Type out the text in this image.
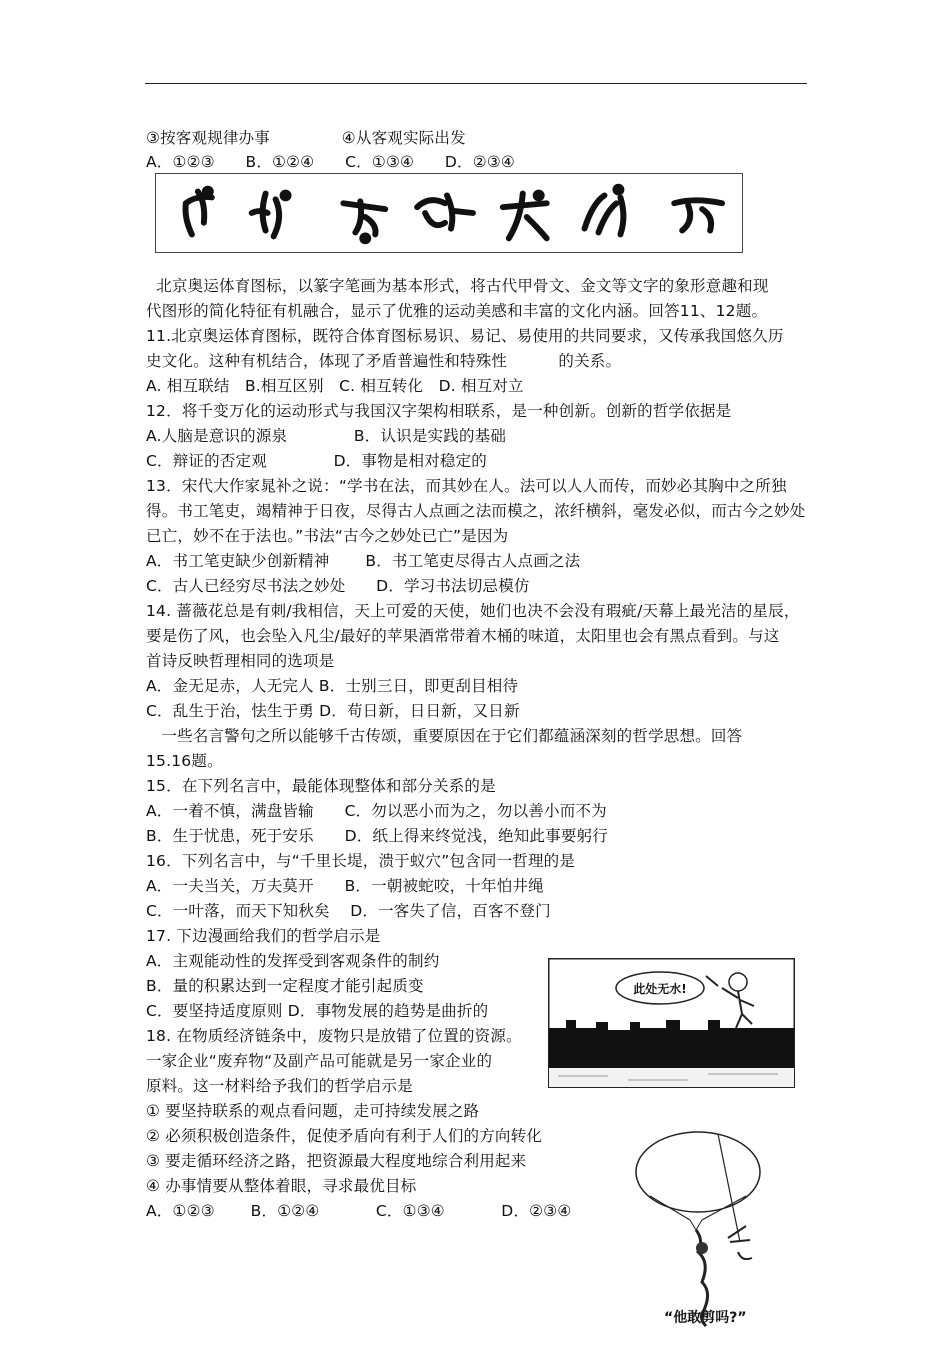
③按客观规律办事              ④从客观实际出发
A．①②③      B．①②④      C．①③④      D．②③④
北京奥运体育图标，以篆字笔画为基本形式，将古代甲骨文、金文等文字的象形意趣和现
代图形的简化特征有机融合，显示了优雅的运动美感和丰富的文化内涵。回答11、12题。
11.北京奥运体育图标，既符合体育图标易识、易记、易使用的共同要求，又传承我国悠久历
史文化。这种有机结合，体现了矛盾普遍性和特殊性          的关系。
A. 相互联结   B.相互区别   C. 相互转化   D. 相互对立
12．将千变万化的运动形式与我国汉字架构相联系，是一种创新。创新的哲学依据是
A.人脑是意识的源泉             B．认识是实践的基础
C．辩证的否定观             D．事物是相对稳定的
13．宋代大作家晁补之说：“学书在法，而其妙在人。法可以人人而传，而妙必其胸中之所独
得。书工笔吏，竭精神于日夜，尽得古人点画之法而模之，浓纤横斜，毫发必似，而古今之妙处
已亡，妙不在于法也。”书法“古今之妙处已亡”是因为
A．书工笔吏缺少创新精神       B．书工笔吏尽得古人点画之法
C．古人已经穷尽书法之妙处      D．学习书法切忌模仿
14. 蔷薇花总是有刺/我相信，天上可爱的天使，她们也决不会没有瑕疵/天幕上最光洁的星辰，
要是伤了风，也会坠入凡尘/最好的苹果酒常带着木桶的味道，太阳里也会有黑点看到。与这
首诗反映哲理相同的选项是
A．金无足赤，人无完人 B．士别三日，即更刮目相待
C．乱生于治，怯生于勇 D．苟日新，日日新，又日新
一些名言警句之所以能够千古传颂，重要原因在于它们都蕴涵深刻的哲学思想。回答
15.16题。
15．在下列名言中，最能体现整体和部分关系的是
A．一着不慎，满盘皆输      C．勿以恶小而为之，勿以善小而不为
B．生于忧患，死于安乐      D．纸上得来终觉浅，绝知此事要躬行
16．下列名言中，与“千里长堤，溃于蚁穴”包含同一哲理的是
A．一夫当关，万夫莫开      B．一朝被蛇咬，十年怕井绳
C．一叶落，而天下知秋矣    D．一客失了信，百客不登门
17. 下边漫画给我们的哲学启示是
A．主观能动性的发挥受到客观条件的制约
B．量的积累达到一定程度才能引起质变
C．要坚持适度原则 D．事物发展的趋势是曲折的
18. 在物质经济链条中，废物只是放错了位置的资源。
一家企业“废弃物“及副产品可能就是另一家企业的
原料。这一材料给予我们的哲学启示是
① 要坚持联系的观点看问题，走可持续发展之路
② 必须积极创造条件，促使矛盾向有利于人们的方向转化
③ 要走循环经济之路，把资源最大程度地综合利用起来
④ 办事情要从整体着眼，寻求最优目标
A．①②③       B．①②④           C．①③④           D．②③④
此处无水!
“他敢剪吗?”
